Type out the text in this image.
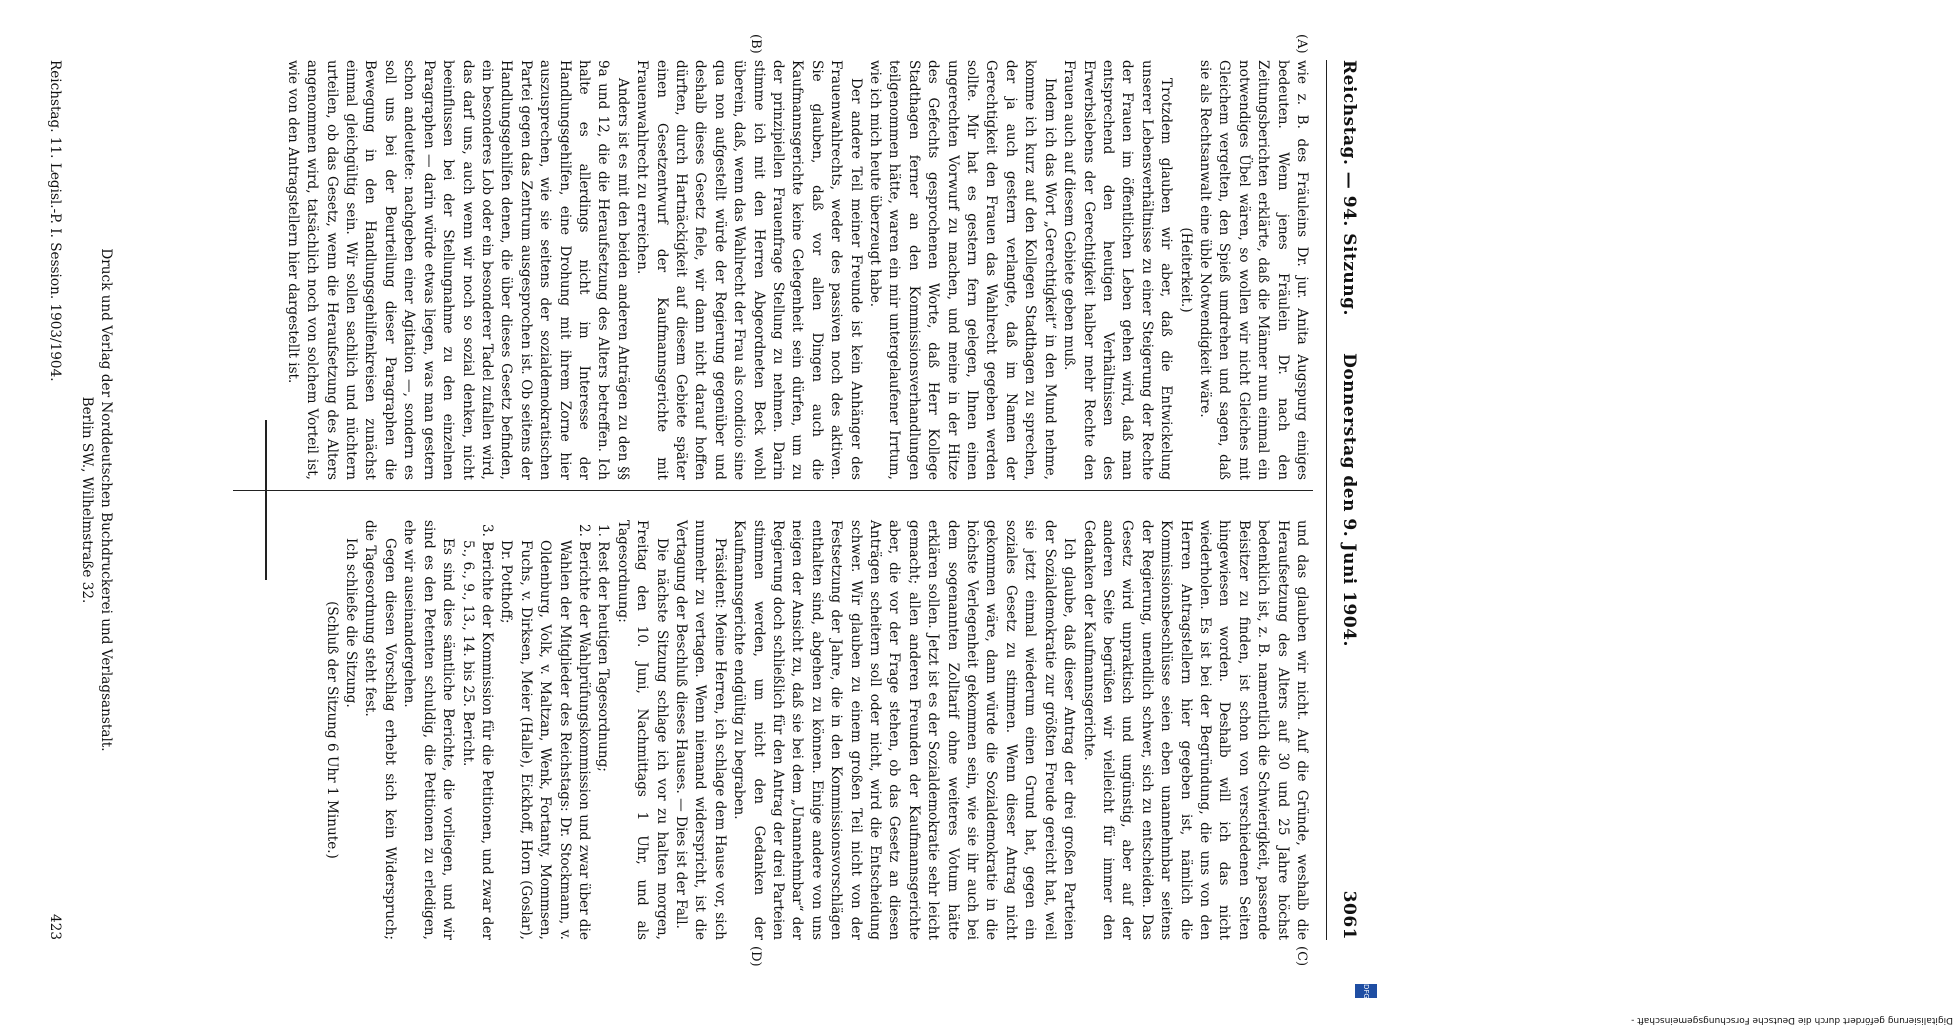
Reichstag. — 94. Sitzung.
Donnerstag den 9. Juni 1904.
3061
(A)
(B)
(C)
(D)

wie z. B. des Fräuleins Dr. jur. Anita Augspurg einiges bedeuten. Wenn jenes Fräulein Dr. nach den Zeitungsberichten erklärte, daß die Männer nun einmal ein notwendiges Übel wären, so wollen wir nicht Gleiches mit Gleichem vergelten, den Spieß umdrehen und sagen, daß sie als Rechtsanwalt eine üble Notwendigkeit wäre.

(Heiterkeit.)

Trotzdem glauben wir aber, daß die Entwickelung unserer Lebensverhältnisse zu einer Steigerung der Rechte der Frauen im öffentlichen Leben gehen wird, daß man entsprechend den heutigen Verhältnissen des Erwerbslebens der Gerechtigkeit halber mehr Rechte den Frauen auch auf diesem Gebiete geben muß.

Indem ich das Wort „Gerechtigkeit“ in den Mund nehme, komme ich kurz auf den Kollegen Stadthagen zu sprechen, der ja auch gestern verlangte, daß im Namen der Gerechtigkeit den Frauen das Wahlrecht gegeben werden sollte. Mir hat es gestern fern gelegen, Ihnen einen ungerechten Vorwurf zu machen, und meine in der Hitze des Gefechts gesprochenen Worte, daß Herr Kollege Stadthagen ferner an den Kommissionsverhandlungen teilgenommen hätte, waren ein mir untergelaufener Irrtum, wie ich mich heute überzeugt habe.

Der andere Teil meiner Freunde ist kein Anhänger des Frauenwahlrechts, weder des passiven noch des aktiven. Sie glauben, daß vor allen Dingen auch die Kaufmannsgerichte keine Gelegenheit sein dürfen, um zu der prinzipiellen Frauenfrage Stellung zu nehmen. Darin stimme ich mit den Herren Abgeordneten Beck wohl überein, daß, wenn das Wahlrecht der Frau als condicio sine qua non aufgestellt würde der Regierung gegenüber und deshalb dieses Gesetz fiele, wir dann nicht darauf hoffen dürften, durch Hartnäckigkeit auf diesem Gebiete später einen Gesetzentwurf der Kaufmannsgerichte mit Frauenwahlrecht zu erreichen.

Anders ist es mit den beiden anderen Anträgen zu den §§ 9a und 12, die die Heraufsetzung des Alters betreffen. Ich halte es allerdings nicht im Interesse der Handlungsgehilfen, eine Drohung mit ihrem Zorne hier auszusprechen, wie sie seitens der sozialdemokratischen Partei gegen das Zentrum ausgesprochen ist. Ob seitens der Handlungsgehilfen denen, die über dieses Gesetz befinden, ein besonderes Lob oder ein besonderer Tadel zufallen wird, das darf uns, auch wenn wir noch so sozial denken, nicht beeinflussen bei der Stellungnahme zu den einzelnen Paragraphen — darin würde etwas liegen, was man gestern schon andeutete: nachgeben einer Agitation —, sondern es soll uns bei der Beurteilung dieser Paragraphen die Bewegung in den Handlungsgehilfenkreisen zunächst einmal gleichgültig sein. Wir sollen sachlich und nüchtern urteilen, ob das Gesetz, wenn die Heraufsetzung des Alters angenommen wird, tatsächlich noch von solchem Vorteil ist, wie von den Antragstellern hier dargestellt ist.

und das glauben wir nicht. Auf die Gründe, weshalb die Heraufsetzung des Alters auf 30 und 25 Jahre höchst bedenklich ist, z. B. namentlich die Schwierigkeit, passende Beisitzer zu finden, ist schon von verschiedenen Seiten hingewiesen worden. Deshalb will ich das nicht wiederholen. Es ist bei der Begründung, die uns von den Herren Antragstellern hier gegeben ist, nämlich die Kommissionsbeschlüsse seien eben unannehmbar seitens der Regierung, unendlich schwer, sich zu entscheiden. Das Gesetz wird unpraktisch und ungünstig, aber auf der anderen Seite begrüßen wir vielleicht für immer den Gedanken der Kaufmannsgerichte.

Ich glaube, daß dieser Antrag der drei großen Parteien der Sozialdemokratie zur größten Freude gereicht hat, weil sie jetzt einmal wiederum einen Grund hat, gegen ein soziales Gesetz zu stimmen. Wenn dieser Antrag nicht gekommen wäre, dann würde die Sozialdemokratie in die höchste Verlegenheit gekommen sein, wie sie ihr auch bei dem sogenannten Zolltarif ohne weiteres Votum hätte erklären sollen. Jetzt ist es der Sozialdemokratie sehr leicht gemacht; allen anderen Freunden der Kaufmannsgerichte aber, die vor der Frage stehen, ob das Gesetz an diesen Anträgen scheitern soll oder nicht, wird die Entscheidung schwer. Wir glauben zu einem großen Teil nicht von der Festsetzung der Jahre, die in den Kommissionsvorschlägen enthalten sind, abgehen zu können. Einige andere von uns neigen der Ansicht zu, daß sie bei dem „Unannehmbar“ der Regierung doch schließlich für den Antrag der drei Parteien stimmen werden, um nicht den Gedanken der Kaufmannsgerichte endgültig zu begraben.

Präsident: Meine Herren, ich schlage dem Hause vor, sich nunmehr zu vertagen. Wenn niemand widerspricht, ist die Vertagung der Beschluß dieses Hauses. — Dies ist der Fall.

Die nächste Sitzung schlage ich vor zu halten morgen, Freitag den 10. Juni, Nachmittags 1 Uhr, und als Tagesordnung:

1. Rest der heutigen Tagesordnung;
2. Berichte der Wahlprüfungskommission und zwar über die Wahlen der Mitglieder des Reichstags: Dr. Stockmann, v. Oldenburg, Volk, v. Maltzan, Wenk, Fortanty, Mommsen, Fuchs, v. Dirksen, Meier (Halle), Eickhoff, Horn (Goslar), Dr. Potthoff;
3. Berichte der Kommission für die Petitionen, und zwar der 5., 6., 9., 13., 14. bis 25. Bericht.

Es sind dies sämtliche Berichte, die vorliegen, und wir sind es den Petenten schuldig, die Petitionen zu erledigen, ehe wir auseinandergehen.

Gegen diesen Vorschlag erhebt sich kein Widerspruch; die Tagesordnung steht fest.

Ich schließe die Sitzung.

(Schluß der Sitzung 6 Uhr 1 Minute.)

Druck und Verlag der Norddeutschen Buchdruckerei und Verlagsanstalt.
Berlin SW., Wilhelmstraße 32.
Reichstag. 11. Legisl.-P. I. Session. 1903/1904.
423
Digitalisierung gefördert durch die Deutsche Forschungsgemeinschaft -
DFG
